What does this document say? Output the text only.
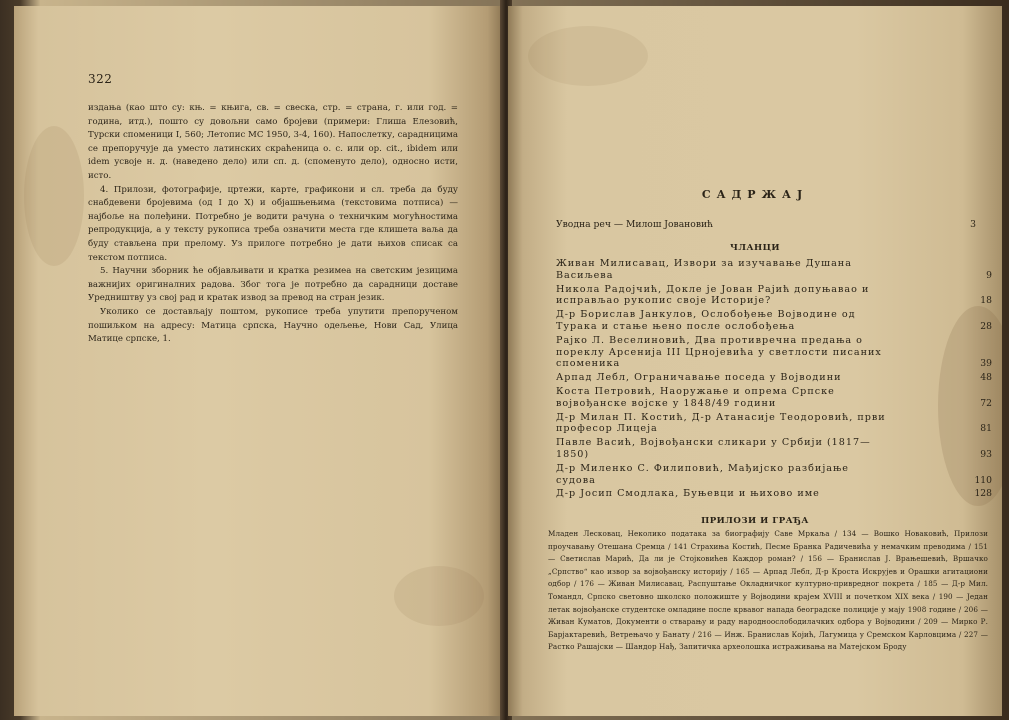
322

издања (као што су: књ. = књига, св. = свеска, стр. = страна, г. или год. = година, итд.), пошто су довољни само бројеви (примери: Глиша Елезовић, Турски споменици I, 560; Летопис МС 1950, 3-4, 160). Напослетку, сарадницима се препоручује да уместо латинских скраћеница о. с. или ор. cit., ibidem или idem усвоје н. д. (наведено дело) или сп. д. (споменуто дело), односно исти, исто.

4. Прилози, фотографије, цртежи, карте, графикони и сл. треба да буду снабдевени бројевима (од I до X) и објашњењима (текстовима потписа) — најбоље на полеђини. Потребно је водити рачуна о техничким могућностима репродукција, а у тексту рукописа треба означити места где клишета ваља да буду стављена при прелому. Уз прилоге потребно је дати њихов списак са текстом потписа.

5. Научни зборник ће објављивати и кратка резимеа на светским језицима важнијих оригиналних радова. Због тога је потребно да сарадници доставе Уредништву уз свој рад и кратак извод за превод на стран језик.

Уколико се достављају поштом, рукописе треба упутити препорученом пошиљком на адресу: Матица српска, Научно одељење, Нови Сад, Улица Матице српске, 1.

САДРЖАЈ
Уводна реч — Милош Јовановић	3
ЧЛАНЦИ
Живан Милисавац, Извори за изучавање Душана Васиљева	9
Никола Радојчић, Докле је Јован Рајић допуњавао и исправљао рукопис своје Историје?	18
Д-р Борислав Јанкулов, Ослобођење Војводине од Турака и стање њено после ослобођења	28
Рајко Л. Веселиновић, Два противречна предања о пореклу Арсенија III Црнојевића у светлости писаних споменика	39
Арпад Лебл, Ограничавање поседа у Војводини	48
Коста Петровић, Наоружање и опрема Српске војвођанске војске у 1848/49 години	72
Д-р Милан П. Костић, Д-р Атанасије Теодоровић, први професор Лицеја	81
Павле Васић, Војвођански сликари у Србији (1817—1850)	93
Д-р Миленко С. Филиповић, Мађијско разбијање судова	110
Д-р Јосип Смодлака, Буњевци и њихово име	128
ПРИЛОЗИ И ГРАЂА
Младен Лесковац, Неколико података за биографију Саве Мркаља / 134 — Вошко Новаковић, Прилози проучавању Отешана Сремца / 141 Страхиња Костић, Песме Бранка Радичевића у немачким преводима / 151 — Светислав Марић, Да ли је Стојковићев Каждор роман? / 156 — Бранислав Ј. Врањешевић, Вршачко „Српство“ као извор за војвођанску историју / 165 — Арпад Лебл, Д-р Кроста Искрујев и Орашки агитациони одбор / 176 — Живан Милисавац, Распуштање Окладничког културно-привредног покрета / 185 — Д-р Мил. Томандл, Српско световно школско положиште у Војводини крајем XVIII и почетком XIX века / 190 — Један летак војвођанске студентске омладине после крвавог напада београдске полиције у мају 1908 године / 206 — Живан Куматов, Документи о стварању и раду народноослободилачких одбора у Војводини / 209 — Мирко Р. Барјактаревић, Ветрењачо у Банату / 216 — Инж. Бранислав Којић, Лагумица у Сремском Карловцима / 227 — Растко Рашајски — Шандор Нађ, Запитичка археолошка истраживања на Матејском Броду
